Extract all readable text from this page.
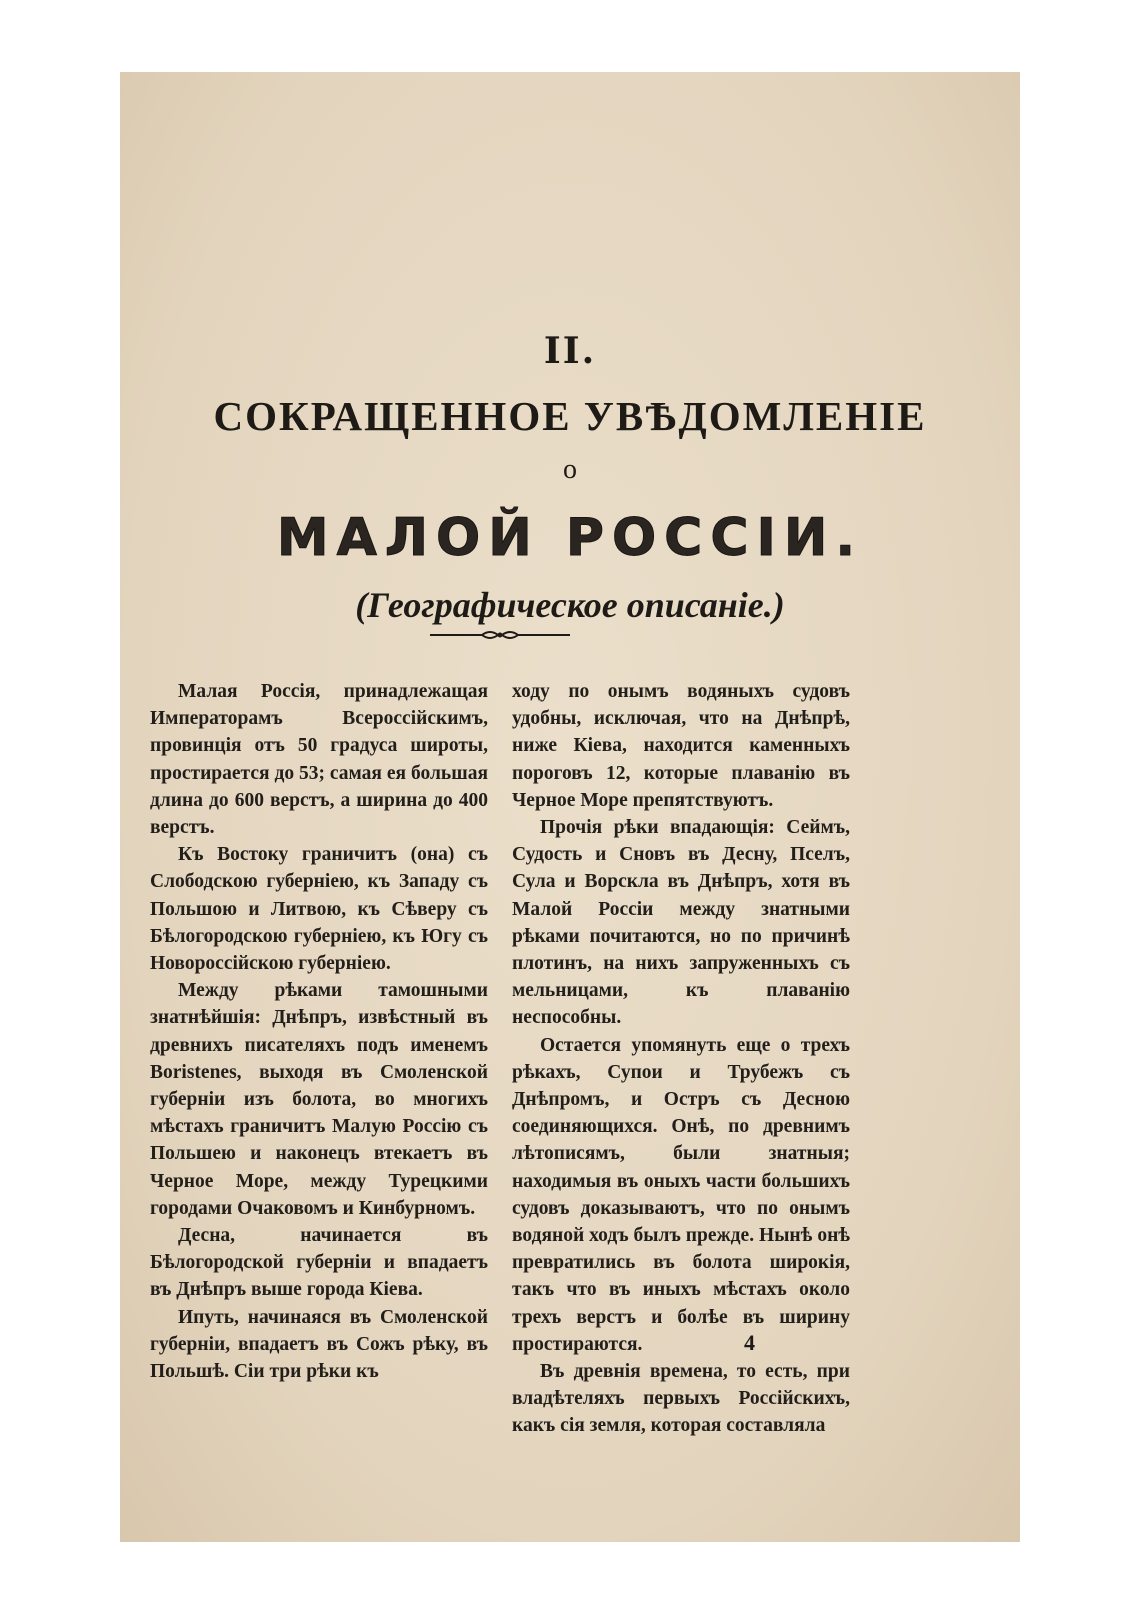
II.
СОКРАЩЕННОЕ УВѢДОМЛЕНІЕ
о
МАЛОЙ РОССІИ.
(Географическое описаніе.)

Малая Россія, принадлежащая Императорамъ Всероссійскимъ, провинція отъ 50 градуса широты, простирается до 53; самая ея большая длина до 600 верстъ, а ширина до 400 верстъ.

Къ Востоку граничитъ (она) съ Слободскою губерніею, къ Западу съ Польшою и Литвою, къ Сѣверу съ Бѣлогородскою губерніею, къ Югу съ Новороссійскою губерніею.

Между рѣками тамошными знатнѣйшія: Днѣпръ, извѣстный въ древнихъ писателяхъ подъ именемъ Boristenes, выходя въ Смоленской губерніи изъ болота, во многихъ мѣстахъ граничитъ Малую Россію съ Польшею и наконецъ втекаетъ въ Черное Море, между Турецкими городами Очаковомъ и Кинбурномъ.

Десна, начинается въ Бѣлогородской губерніи и впадаетъ въ Днѣпръ выше города Кіева.

Ипуть, начинаяся въ Смоленской губерніи, впадаетъ въ Сожъ рѣку, въ Польшѣ. Сіи три рѣки къ

ходу по онымъ водяныхъ судовъ удобны, исключая, что на Днѣпрѣ, ниже Кіева, находится каменныхъ пороговъ 12, которые плаванію въ Черное Море препятствуютъ.

Прочія рѣки впадающія: Сеймъ, Судость и Сновъ въ Десну, Пселъ, Сула и Ворскла въ Днѣпръ, хотя въ Малой Россіи между знатными рѣками почитаются, но по причинѣ плотинъ, на нихъ запруженныхъ съ мельницами, къ плаванію неспособны.

Остается упомянуть еще о трехъ рѣкахъ, Супои и Трубежъ съ Днѣпромъ, и Остръ съ Десною соединяющихся. Онѣ, по древнимъ лѣтописямъ, были знатныя; находимыя въ оныхъ части большихъ судовъ доказываютъ, что по онымъ водяной ходъ былъ прежде. Нынѣ онѣ превратились въ болота широкія, такъ что въ иныхъ мѣстахъ около трехъ верстъ и болѣе въ ширину простираются.

Въ древнія времена, то есть, при владѣтеляхъ первыхъ Россійскихъ, какъ сія земля, которая составляла

4
